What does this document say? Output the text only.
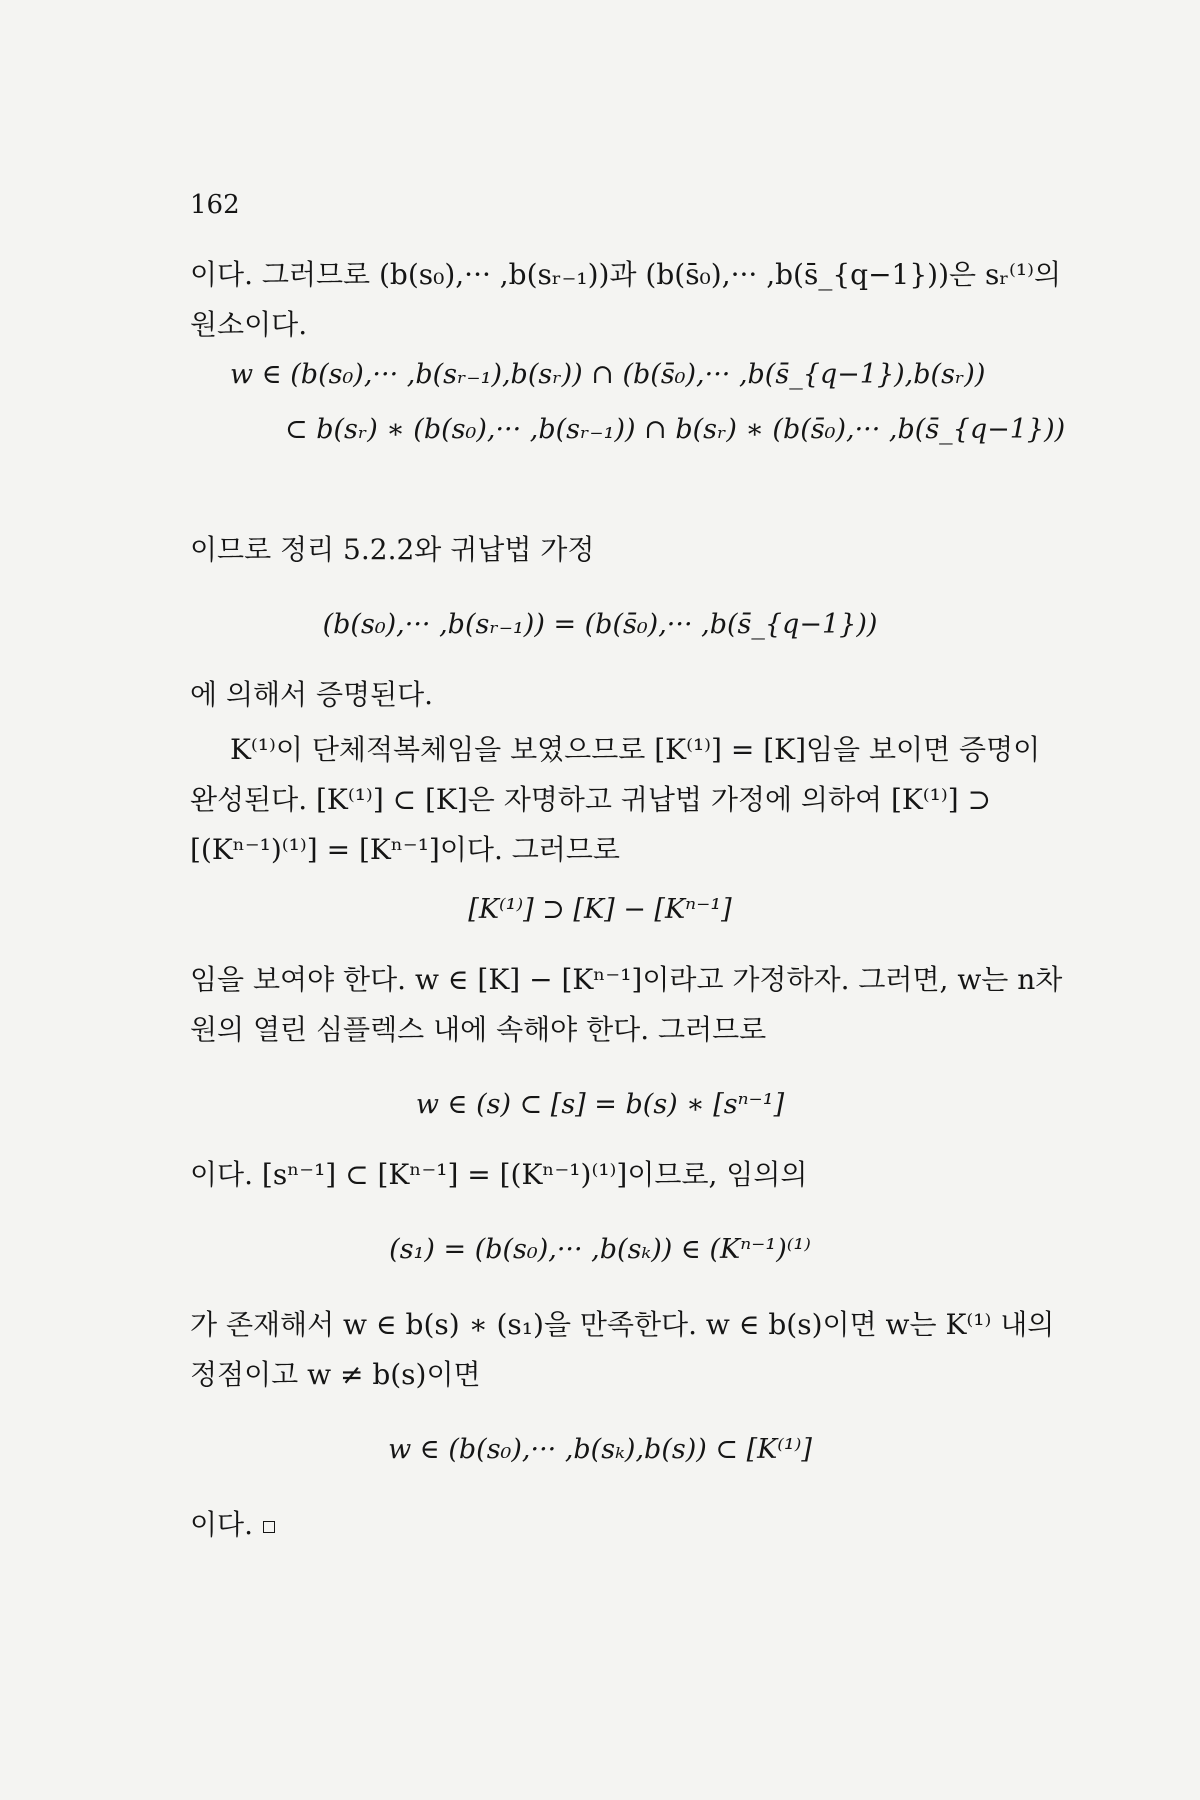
162

이다. 그러므로 (b(s₀),··· ,b(sᵣ₋₁))과 (b(s̄₀),··· ,b(s̄_{q−1}))은 sᵣ⁽¹⁾의 원소이다.

w ∈ (b(s₀),··· ,b(sᵣ₋₁),b(sᵣ)) ∩ (b(s̄₀),··· ,b(s̄_{q−1}),b(sᵣ))
⊂ b(sᵣ) ∗ (b(s₀),··· ,b(sᵣ₋₁)) ∩ b(sᵣ) ∗ (b(s̄₀),··· ,b(s̄_{q−1}))

이므로 정리 5.2.2와 귀납법 가정

(b(s₀),··· ,b(sᵣ₋₁)) = (b(s̄₀),··· ,b(s̄_{q−1}))

에 의해서 증명된다.

K⁽¹⁾이 단체적복체임을 보였으므로 [K⁽¹⁾] = [K]임을 보이면 증명이 완성된다. [K⁽¹⁾] ⊂ [K]은 자명하고 귀납법 가정에 의하여 [K⁽¹⁾] ⊃ [(Kⁿ⁻¹)⁽¹⁾] = [Kⁿ⁻¹]이다. 그러므로

[K⁽¹⁾] ⊃ [K] − [Kⁿ⁻¹]

임을 보여야 한다. w ∈ [K] − [Kⁿ⁻¹]이라고 가정하자. 그러면, w는 n차원의 열린 심플렉스 내에 속해야 한다. 그러므로

w ∈ (s) ⊂ [s] = b(s) ∗ [sⁿ⁻¹]

이다. [sⁿ⁻¹] ⊂ [Kⁿ⁻¹] = [(Kⁿ⁻¹)⁽¹⁾]이므로, 임의의

(s₁) = (b(s₀),··· ,b(sₖ)) ∈ (Kⁿ⁻¹)⁽¹⁾

가 존재해서 w ∈ b(s) ∗ (s₁)을 만족한다. w ∈ b(s)이면 w는 K⁽¹⁾ 내의 정점이고 w ≠ b(s)이면

w ∈ (b(s₀),··· ,b(sₖ),b(s)) ⊂ [K⁽¹⁾]

이다.
